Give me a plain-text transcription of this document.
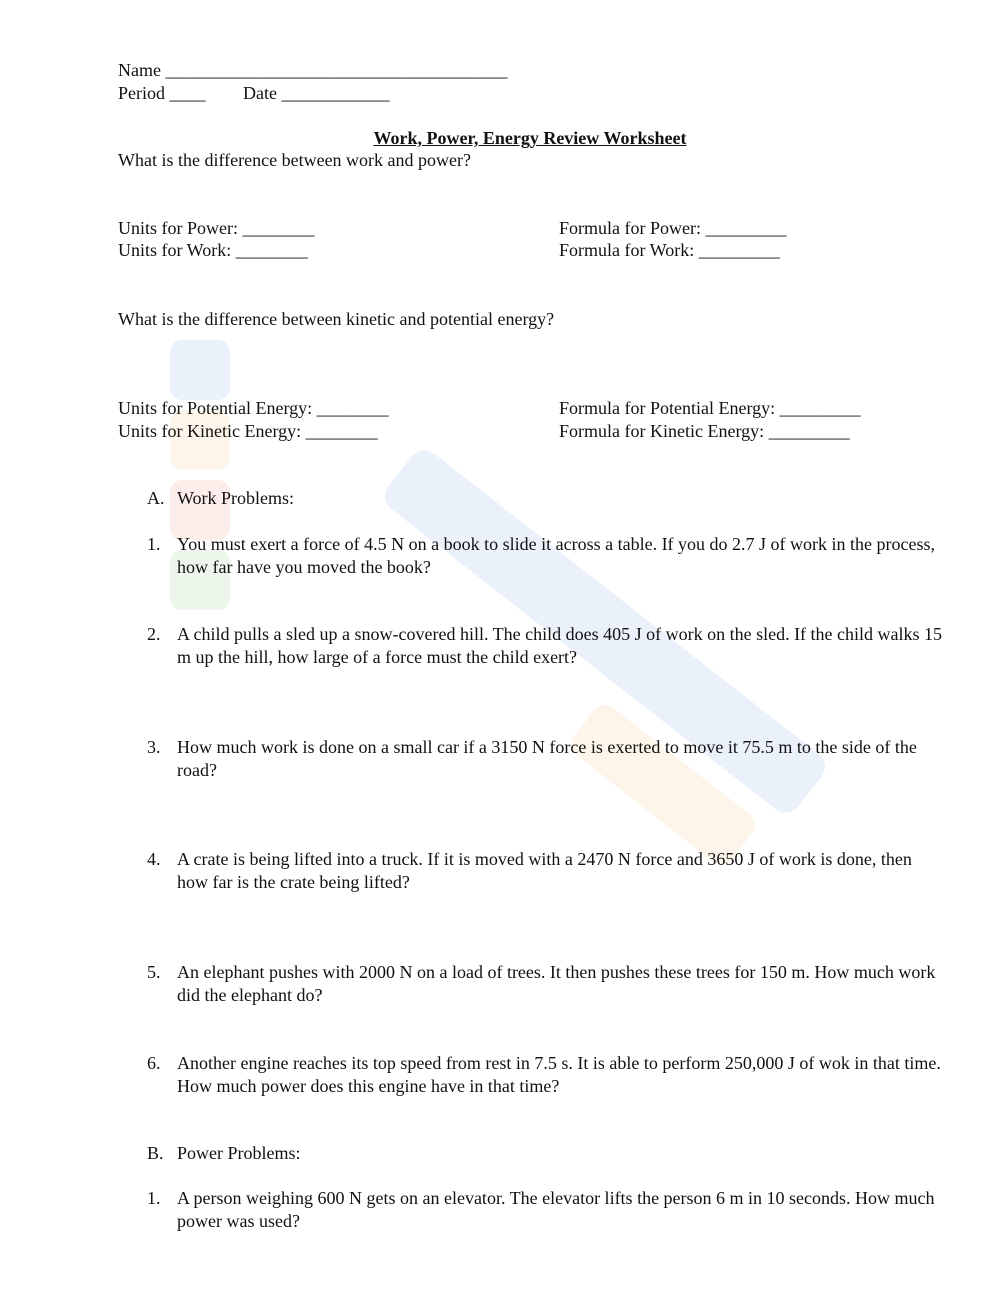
Name ______________________________________
Period ____ Date ____________
Work, Power, Energy Review Worksheet
What is the difference between work and power?
Units for Power: ________	Formula for Power: _________
Units for Work: ________	Formula for Work: _________
What is the difference between kinetic and potential energy?
Units for Potential Energy: ________	Formula for Potential Energy: _________
Units for Kinetic Energy: ________	Formula for Kinetic Energy: _________
A. Work Problems:
1. You must exert a force of 4.5 N on a book to slide it across a table. If you do 2.7 J of work in the process, how far have you moved the book?
2. A child pulls a sled up a snow-covered hill. The child does 405 J of work on the sled. If the child walks 15 m up the hill, how large of a force must the child exert?
3. How much work is done on a small car if a 3150 N force is exerted to move it 75.5 m to the side of the road?
4. A crate is being lifted into a truck. If it is moved with a 2470 N force and 3650 J of work is done, then how far is the crate being lifted?
5. An elephant pushes with 2000 N on a load of trees. It then pushes these trees for 150 m. How much work did the elephant do?
6. Another engine reaches its top speed from rest in 7.5 s. It is able to perform 250,000 J of wok in that time. How much power does this engine have in that time?
B. Power Problems:
1. A person weighing 600 N gets on an elevator. The elevator lifts the person 6 m in 10 seconds. How much power was used?
